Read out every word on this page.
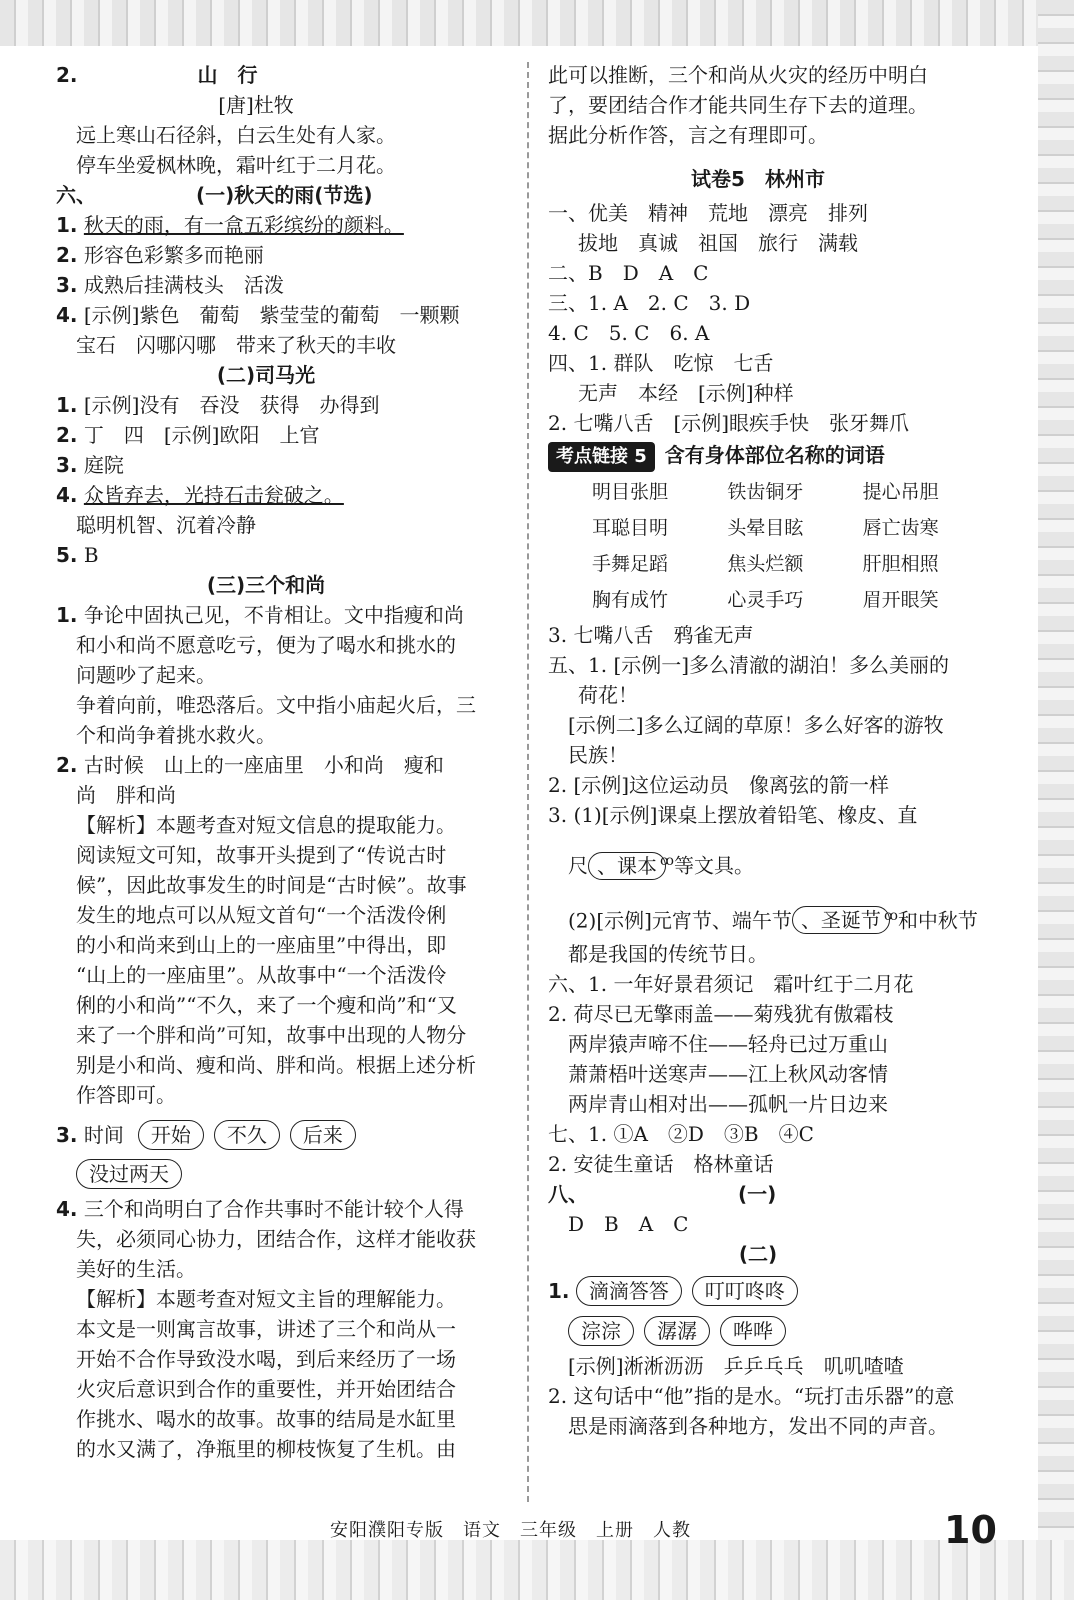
2.	山　行
[唐]杜牧
远上寒山石径斜，白云生处有人家。
停车坐爱枫林晚，霜叶红于二月花。
六、	(一)秋天的雨(节选)
1. 秋天的雨，有一盒五彩缤纷的颜料。
2. 形容色彩繁多而艳丽
3. 成熟后挂满枝头　活泼
4. [示例]紫色　葡萄　紫莹莹的葡萄　一颗颗
宝石　闪哪闪哪　带来了秋天的丰收
(二)司马光
1. [示例]没有　吞没　获得　办得到
2. 丁　四　[示例]欧阳　上官
3. 庭院
4. 众皆弃去，光持石击瓮破之。
聪明机智、沉着冷静
5. B
(三)三个和尚
1. 争论中固执己见，不肯相让。文中指瘦和尚
和小和尚不愿意吃亏，便为了喝水和挑水的
问题吵了起来。
争着向前，唯恐落后。文中指小庙起火后，三
个和尚争着挑水救火。
2. 古时候　山上的一座庙里　小和尚　瘦和
尚　胖和尚
【解析】本题考查对短文信息的提取能力。
阅读短文可知，故事开头提到了“传说古时
候”，因此故事发生的时间是“古时候”。故事
发生的地点可以从短文首句“一个活泼伶俐
的小和尚来到山上的一座庙里”中得出，即
“山上的一座庙里”。从故事中“一个活泼伶
俐的小和尚”“不久，来了一个瘦和尚”和“又
来了一个胖和尚”可知，故事中出现的人物分
别是小和尚、瘦和尚、胖和尚。根据上述分析
作答即可。
3. 时间 开始 不久 后来
没过两天
4. 三个和尚明白了合作共事时不能计较个人得
失，必须同心协力，团结合作，这样才能收获
美好的生活。
【解析】本题考查对短文主旨的理解能力。
本文是一则寓言故事，讲述了三个和尚从一
开始不合作导致没水喝，到后来经历了一场
火灾后意识到合作的重要性，并开始团结合
作挑水、喝水的故事。故事的结局是水缸里
的水又满了，净瓶里的柳枝恢复了生机。由
此可以推断，三个和尚从火灾的经历中明白
了，要团结合作才能共同生存下去的道理。
据此分析作答，言之有理即可。
试卷5　林州市
一、优美　精神　荒地　漂亮　排列
拔地　真诚　祖国　旅行　满载
二、B　D　A　C
三、1. A　2. C　3. D
4. C　5. C　6. A
四、1. 群队　吃惊　七舌
无声　本经　[示例]种样
2. 七嘴八舌　[示例]眼疾手快　张牙舞爪
考点链接 5 含有身体部位名称的词语
明目张胆	铁齿铜牙	提心吊胆
耳聪目明	头晕目眩	唇亡齿寒
手舞足蹈	焦头烂额	肝胆相照
胸有成竹	心灵手巧	眉开眼笑
3. 七嘴八舌　鸦雀无声
五、1. [示例一]多么清澈的湖泊！多么美丽的
荷花！
[示例二]多么辽阔的草原！多么好客的游牧
民族！
2. [示例]这位运动员　像离弦的箭一样
3. (1)[示例]课桌上摆放着铅笔、橡皮、直
尺 、课本 ꝏ等文具。
(2)[示例]元宵节、端午节 、圣诞节 ꝏ和中秋节
都是我国的传统节日。
六、1. 一年好景君须记　霜叶红于二月花
2. 荷尽已无擎雨盖——菊残犹有傲霜枝
两岸猿声啼不住——轻舟已过万重山
萧萧梧叶送寒声——江上秋风动客情
两岸青山相对出——孤帆一片日边来
七、1. ①A　②D　③B　④C
2. 安徒生童话　格林童话
八、	(一)
D　B　A　C
(二)
1. 滴滴答答 叮叮咚咚
淙淙 潺潺 哗哗
[示例]淅淅沥沥　乒乒乓乓　叽叽喳喳
2. 这句话中“他”指的是水。“玩打击乐器”的意
思是雨滴落到各种地方，发出不同的声音。
安阳濮阳专版　语文　三年级　上册　人教	10
